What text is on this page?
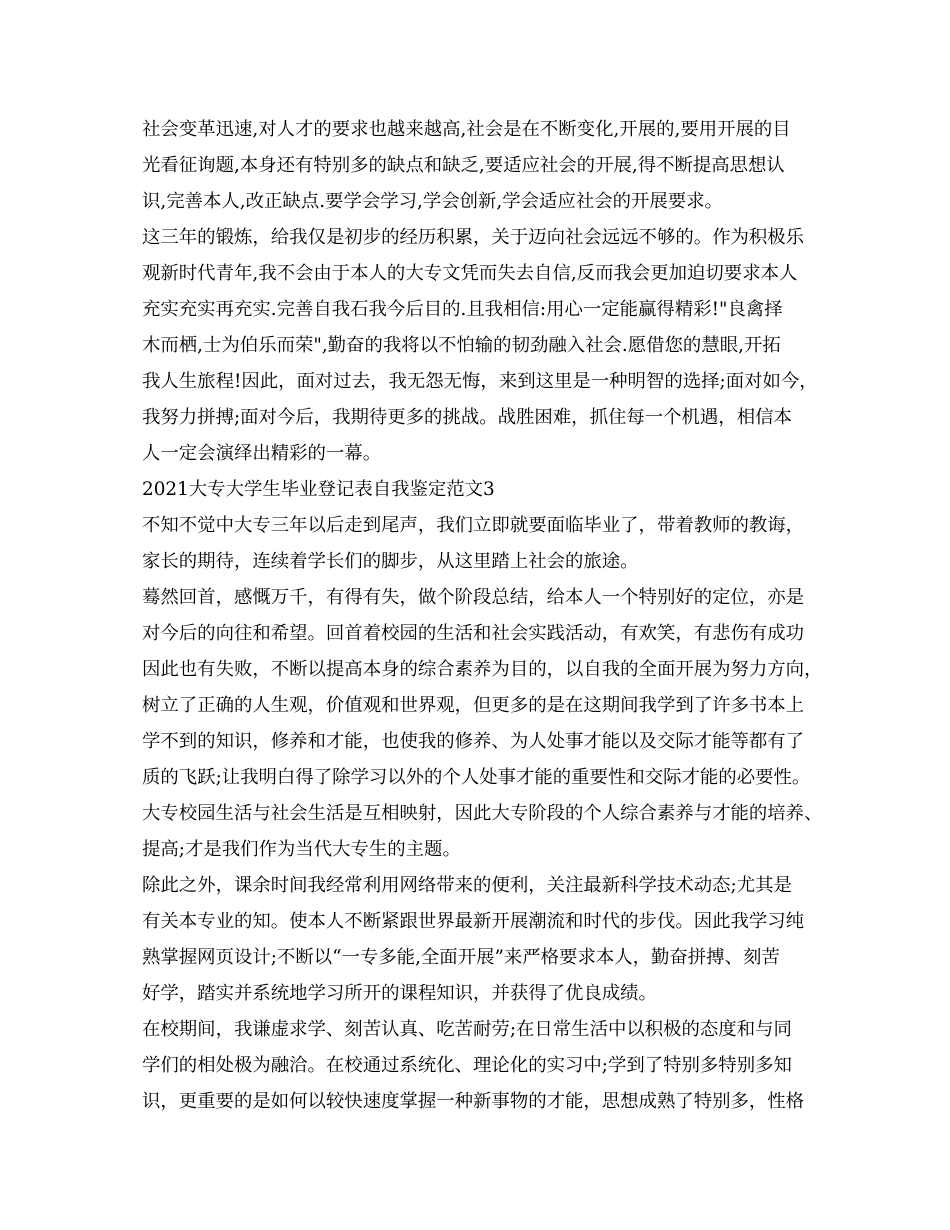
社会变革迅速,对人才的要求也越来越高,社会是在不断变化,开展的,要用开展的目
光看征询题,本身还有特别多的缺点和缺乏,要适应社会的开展,得不断提高思想认
识,完善本人,改正缺点.要学会学习,学会创新,学会适应社会的开展要求。
这三年的锻炼，给我仅是初步的经历积累，关于迈向社会远远不够的。作为积极乐
观新时代青年,我不会由于本人的大专文凭而失去自信,反而我会更加迫切要求本人
充实充实再充实.完善自我石我今后目的.且我相信:用心一定能赢得精彩!"良禽择
木而栖,士为伯乐而荣",勤奋的我将以不怕输的韧劲融入社会.愿借您的慧眼,开拓
我人生旅程!因此，面对过去，我无怨无悔，来到这里是一种明智的选择;面对如今，
我努力拼搏;面对今后，我期待更多的挑战。战胜困难，抓住每一个机遇，相信本
人一定会演绎出精彩的一幕。
2021大专大学生毕业登记表自我鉴定范文3
不知不觉中大专三年以后走到尾声，我们立即就要面临毕业了，带着教师的教诲，
家长的期待，连续着学长们的脚步，从这里踏上社会的旅途。
蓦然回首，感慨万千，有得有失，做个阶段总结，给本人一个特别好的定位，亦是
对今后的向往和希望。回首着校园的生活和社会实践活动，有欢笑，有悲伤有成功
因此也有失败，不断以提高本身的综合素养为目的，以自我的全面开展为努力方向，
树立了正确的人生观，价值观和世界观，但更多的是在这期间我学到了许多书本上
学不到的知识，修养和才能，也使我的修养、为人处事才能以及交际才能等都有了
质的飞跃;让我明白得了除学习以外的个人处事才能的重要性和交际才能的必要性。
大专校园生活与社会生活是互相映射，因此大专阶段的个人综合素养与才能的培养、
提高;才是我们作为当代大专生的主题。
除此之外，课余时间我经常利用网络带来的便利，关注最新科学技术动态;尤其是
有关本专业的知。使本人不断紧跟世界最新开展潮流和时代的步伐。因此我学习纯
熟掌握网页设计;不断以“一专多能,全面开展”来严格要求本人，勤奋拼搏、刻苦
好学，踏实并系统地学习所开的课程知识，并获得了优良成绩。
在校期间，我谦虚求学、刻苦认真、吃苦耐劳;在日常生活中以积极的态度和与同
学们的相处极为融洽。在校通过系统化、理论化的实习中;学到了特别多特别多知
识，更重要的是如何以较快速度掌握一种新事物的才能，思想成熟了特别多，性格
